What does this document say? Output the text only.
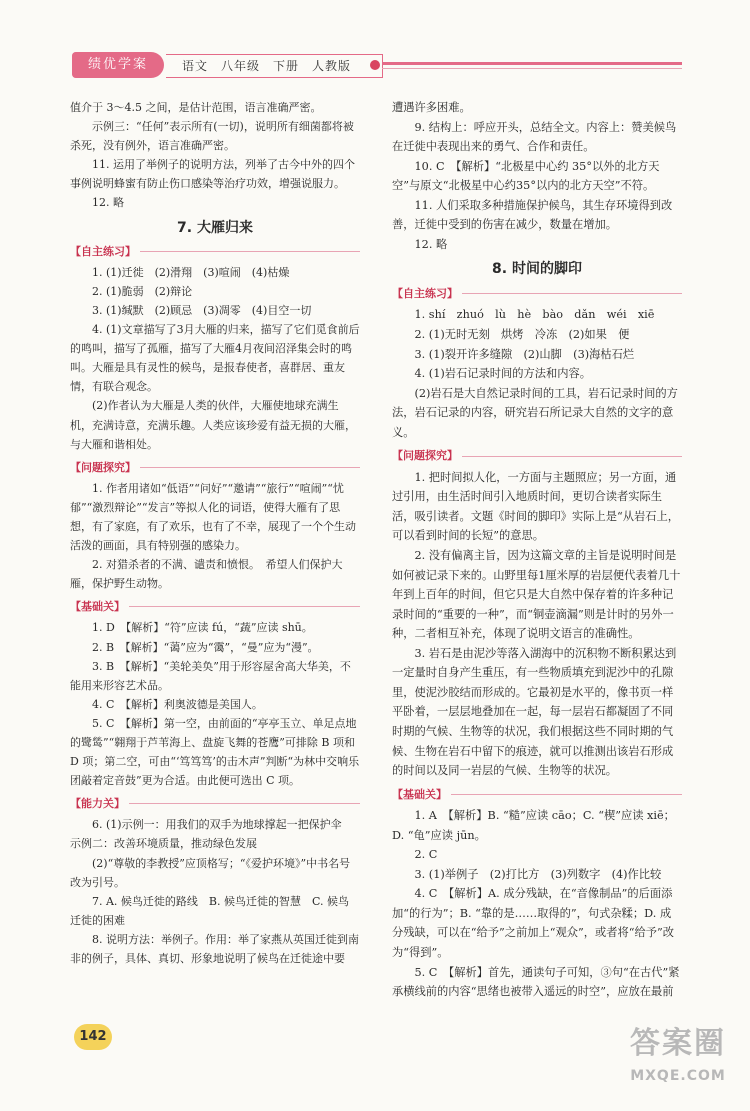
绩优学案	语文　八年级　下册　人教版

值介于 3～4.5 之间，是估计范围，语言准确严密。

示例三：“任何”表示所有(一切)，说明所有细菌都将被杀死，没有例外，语言准确严密。

11. 运用了举例子的说明方法，列举了古今中外的四个事例说明蜂蜜有防止伤口感染等治疗功效，增强说服力。

12. 略

7. 大雁归来
【自主练习】

1. (1)迁徙　(2)滑翔　(3)喧闹　(4)枯燥

2. (1)脆弱　(2)辩论

3. (1)缄默　(2)顾忌　(3)凋零　(4)目空一切

4. (1)文章描写了3月大雁的归来，描写了它们觅食前后的鸣叫，描写了孤雁，描写了大雁4月夜间沼泽集会时的鸣叫。大雁是具有灵性的候鸟，是报春使者，喜群居、重友情，有联合观念。

(2)作者认为大雁是人类的伙伴，大雁使地球充满生机，充满诗意，充满乐趣。人类应该珍爱有益无损的大雁，与大雁和谐相处。

【问题探究】

1. 作者用诸如“低语”“问好”“邀请”“旅行”“喧闹”“忧郁”“激烈辩论”“发言”等拟人化的词语，使得大雁有了思想，有了家庭，有了欢乐，也有了不幸，展现了一个个生动活泼的画面，具有特别强的感染力。

2. 对猎杀者的不满、谴责和愤恨。　希望人们保护大雁，保护野生动物。

【基础关】

1. D　【解析】“符”应读 fú，“蔬”应读 shū。

2. B　【解析】“蔼”应为“霭”，“曼”应为“漫”。

3. B　【解析】“美轮美奂”用于形容屋舍高大华美，不能用来形容艺术品。

4. C　【解析】利奥波德是美国人。

5. C　【解析】第一空，由前面的“亭亭玉立、单足点地的鹭鸶”“翱翔于芦苇海上、盘旋飞舞的苍鹰”可排除 B 项和 D 项；第二空，可由“‘笃笃笃’的击木声”判断“为林中交响乐团敲着定音鼓”更为合适。由此便可选出 C 项。

【能力关】

6. (1)示例一：用我们的双手为地球撑起一把保护伞

示例二：改善环境质量，推动绿色发展

(2)“尊敬的李教授”应顶格写；“《爱护环境》”中书名号改为引号。

7. A. 候鸟迁徙的路线　B. 候鸟迁徙的智慧　C. 候鸟迁徙的困难

8. 说明方法：举例子。作用：举了家燕从英国迁徙到南非的例子，具体、真切、形象地说明了候鸟在迁徙途中要

遭遇许多困难。

9. 结构上：呼应开头，总结全文。内容上：赞美候鸟在迁徙中表现出来的勇气、合作和责任。

10. C　【解析】“北极星中心约 35°以外的北方天空”与原文“北极星中心约35°以内的北方天空”不符。

11. 人们采取多种措施保护候鸟，其生存环境得到改善，迁徙中受到的伤害在减少，数量在增加。

12. 略

8. 时间的脚印
【自主练习】

1. shí　zhuó　lù　hè　bào　dǎn　wéi　xiē

2. (1)无时无刻　烘烤　冷冻　(2)如果　便

3. (1)裂开许多缝隙　(2)山脚　(3)海枯石烂

4. (1)岩石记录时间的方法和内容。

(2)岩石是大自然记录时间的工具，岩石记录时间的方法，岩石记录的内容，研究岩石所记录大自然的文字的意义。

【问题探究】

1. 把时间拟人化，一方面与主题照应；另一方面，通过引用，由生活时间引入地质时间，更切合读者实际生活，吸引读者。文题《时间的脚印》实际上是“从岩石上，可以看到时间的长短”的意思。

2. 没有偏离主旨，因为这篇文章的主旨是说明时间是如何被记录下来的。山野里每1厘米厚的岩层便代表着几十年到上百年的时间，但它只是大自然中保存着的许多种记录时间的“重要的一种”，而“铜壶滴漏”则是计时的另外一种，二者相互补充，体现了说明文语言的准确性。

3. 岩石是由泥沙等落入湖海中的沉积物不断积累达到一定量时自身产生重压，有一些物质填充到泥沙中的孔隙里，使泥沙胶结而形成的。它最初是水平的，像书页一样平卧着，一层层地叠加在一起，每一层岩石都凝固了不同时期的气候、生物等的状况，我们根据这些不同时期的气候、生物在岩石中留下的痕迹，就可以推测出该岩石形成的时间以及同一岩层的气候、生物等的状况。

【基础关】

1. A　【解析】B. “糙”应读 cāo；C. “楔”应读 xiē；D. “龟”应读 jūn。

2. C

3. (1)举例子　(2)打比方　(3)列数字　(4)作比较

4. C　【解析】A. 成分残缺，在“音像制品”的后面添加“的行为”；B. “靠的是……取得的”，句式杂糅；D. 成分残缺，可以在“给予”之前加上“观众”，或者将“给予”改为“得到”。

5. C　【解析】首先，通读句子可知，③句“在古代”紧承横线前的内容“思绪也被带入遥远的时空”，应放在最前

142	答案圈
MXQE.COM
